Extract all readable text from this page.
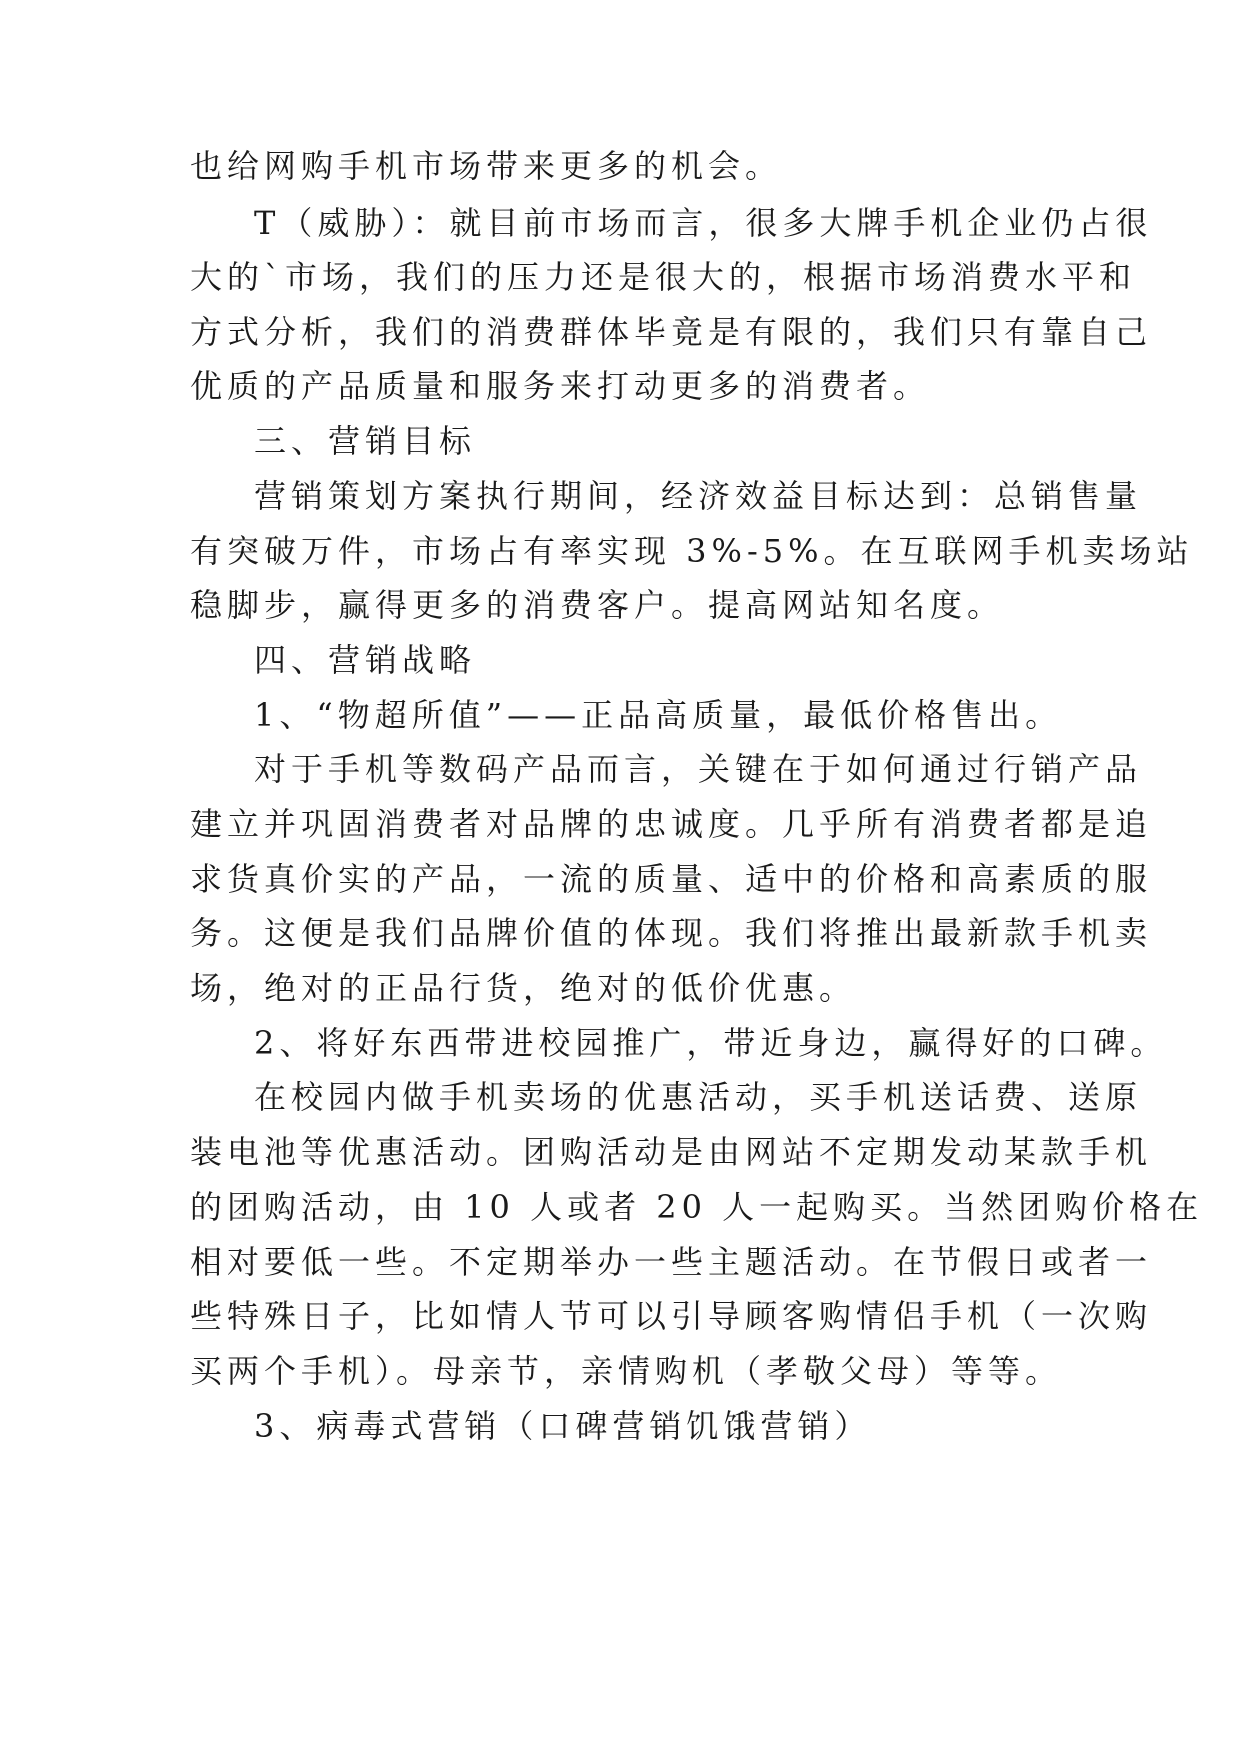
也给网购手机市场带来更多的机会。
T（威胁）：就目前市场而言，很多大牌手机企业仍占很
大的`市场，我们的压力还是很大的，根据市场消费水平和
方式分析，我们的消费群体毕竟是有限的，我们只有靠自己
优质的产品质量和服务来打动更多的消费者。
三、营销目标
营销策划方案执行期间，经济效益目标达到：总销售量
有突破万件，市场占有率实现 3%-5%。在互联网手机卖场站
稳脚步，赢得更多的消费客户。提高网站知名度。
四、营销战略
1、“物超所值”——正品高质量，最低价格售出。
对于手机等数码产品而言，关键在于如何通过行销产品
建立并巩固消费者对品牌的忠诚度。几乎所有消费者都是追
求货真价实的产品，一流的质量、适中的价格和高素质的服
务。这便是我们品牌价值的体现。我们将推出最新款手机卖
场，绝对的正品行货，绝对的低价优惠。
2、将好东西带进校园推广，带近身边，赢得好的口碑。
在校园内做手机卖场的优惠活动，买手机送话费、送原
装电池等优惠活动。团购活动是由网站不定期发动某款手机
的团购活动，由 10 人或者 20 人一起购买。当然团购价格在
相对要低一些。不定期举办一些主题活动。在节假日或者一
些特殊日子，比如情人节可以引导顾客购情侣手机（一次购
买两个手机）。母亲节，亲情购机（孝敬父母）等等。
3、病毒式营销（口碑营销饥饿营销）
